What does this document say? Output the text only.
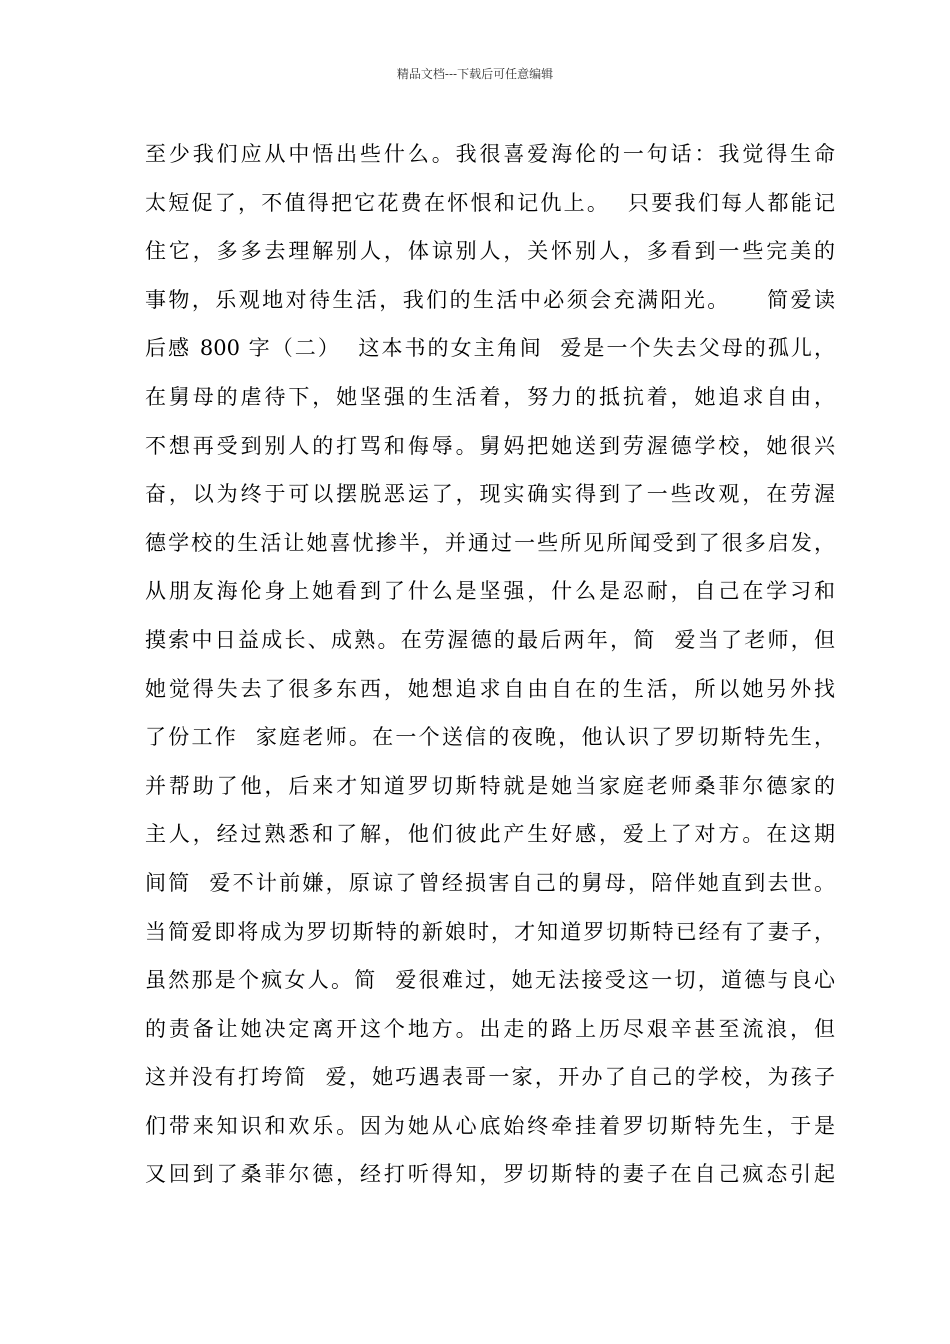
精品文档---下载后可任意编辑
至少我们应从中悟出些什么。我很喜爱海伦的一句话：我觉得生命
太短促了，不值得把它花费在怀恨和记仇上。  只要我们每人都能记
住它，多多去理解别人，体谅别人，关怀别人，多看到一些完美的
事物，乐观地对待生活，我们的生活中必须会充满阳光。    简爱读
后感 800 字（二）  这本书的女主角间  爱是一个失去父母的孤儿，
在舅母的虐待下，她坚强的生活着，努力的抵抗着，她追求自由，
不想再受到别人的打骂和侮辱。舅妈把她送到劳渥德学校，她很兴
奋，以为终于可以摆脱恶运了，现实确实得到了一些改观，在劳渥
德学校的生活让她喜忧掺半，并通过一些所见所闻受到了很多启发，
从朋友海伦身上她看到了什么是坚强，什么是忍耐，自己在学习和
摸索中日益成长、成熟。在劳渥德的最后两年，简  爱当了老师，但
她觉得失去了很多东西，她想追求自由自在的生活，所以她另外找
了份工作  家庭老师。在一个送信的夜晚，他认识了罗切斯特先生，
并帮助了他，后来才知道罗切斯特就是她当家庭老师桑菲尔德家的
主人，经过熟悉和了解，他们彼此产生好感，爱上了对方。在这期
间简  爱不计前嫌，原谅了曾经损害自己的舅母，陪伴她直到去世。
当简爱即将成为罗切斯特的新娘时，才知道罗切斯特已经有了妻子，
虽然那是个疯女人。简  爱很难过，她无法接受这一切，道德与良心
的责备让她决定离开这个地方。出走的路上历尽艰辛甚至流浪，但
这并没有打垮简  爱，她巧遇表哥一家，开办了自己的学校，为孩子
们带来知识和欢乐。因为她从心底始终牵挂着罗切斯特先生，于是
又回到了桑菲尔德，经打听得知，罗切斯特的妻子在自己疯态引起
